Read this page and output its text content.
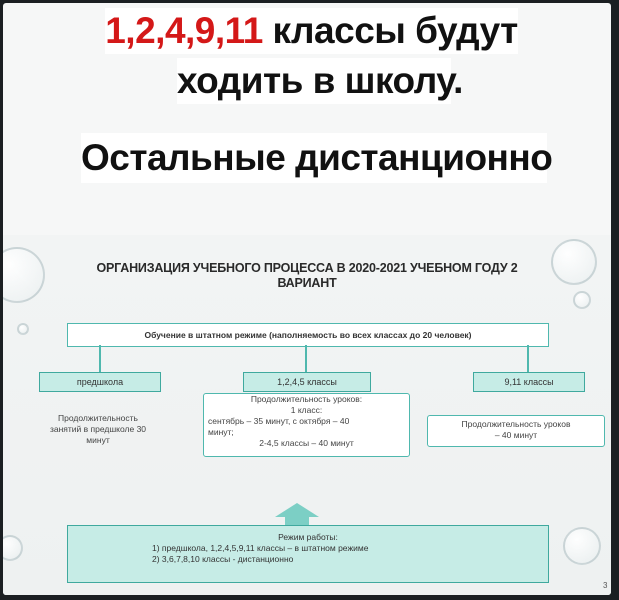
1,2,4,9,11 классы будут
ходить в школу.
Остальные дистанционно
ОРГАНИЗАЦИЯ УЧЕБНОГО ПРОЦЕССА В 2020-2021 УЧЕБНОМ ГОДУ 2
ВАРИАНТ
Обучение в штатном режиме (наполняемость во всех классах до 20 человек)
предшкола	1,2,4,5 классы	9,11 классы
Продолжительность
занятий в предшколе 30
минут
Продолжительность уроков:
1 класс:
сентябрь – 35 минут, с октября – 40
минут;
2-4,5 классы – 40 минут
Продолжительность уроков
– 40 минут
Режим работы:
1) предшкола, 1,2,4,5,9,11 классы – в штатном режиме
2) 3,6,7,8,10 классы - дистанционно
3
